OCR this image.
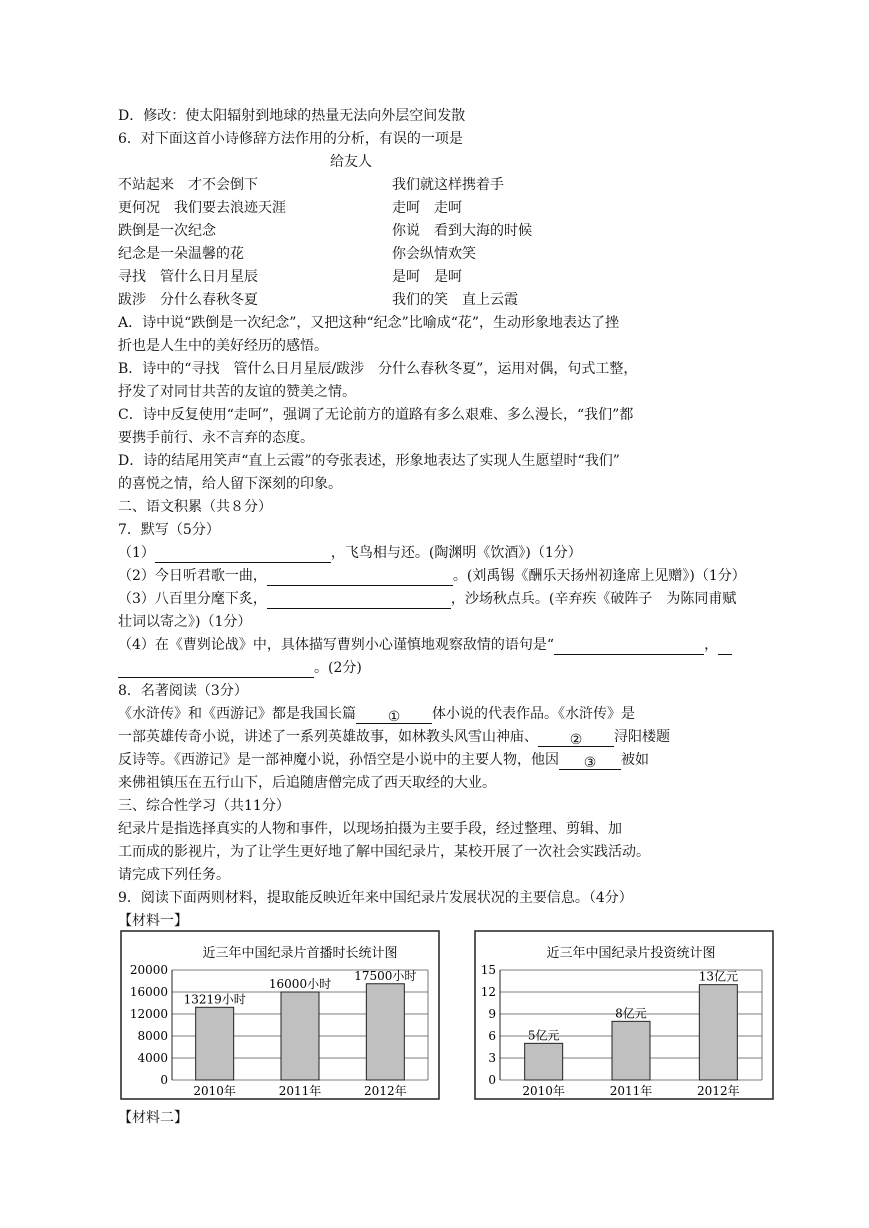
D．修改：使太阳辐射到地球的热量无法向外层空间发散
6．对下面这首小诗修辞方法作用的分析，有误的一项是
给友人
不站起来　才不会倒下
更何况　我们要去浪迹天涯
跌倒是一次纪念
纪念是一朵温馨的花
寻找　管什么日月星辰
跋涉　分什么春秋冬夏
我们就这样携着手
走呵　走呵
你说　看到大海的时候
你会纵情欢笑
是呵　是呵
我们的笑　直上云霞
A．诗中说“跌倒是一次纪念”，又把这种“纪念”比喻成“花”，生动形象地表达了挫
折也是人生中的美好经历的感悟。
B．诗中的“寻找　管什么日月星辰/跋涉　分什么春秋冬夏”，运用对偶，句式工整，
抒发了对同甘共苦的友谊的赞美之情。
C．诗中反复使用“走呵”，强调了无论前方的道路有多么艰难、多么漫长，“我们”都
要携手前行、永不言弃的态度。
D．诗的结尾用笑声“直上云霞”的夸张表述，形象地表达了实现人生愿望时“我们”
的喜悦之情，给人留下深刻的印象。
二、语文积累（共８分）
7．默写（5分）
（1）	，飞鸟相与还。(陶渊明《饮酒》)（1分）
（2）今日听君歌一曲，	。(刘禹锡《酬乐天扬州初逢席上见赠》)（1分）
（3）八百里分麾下炙，	，沙场秋点兵。(辛弃疾《破阵子　为陈同甫赋
壮词以寄之》)（1分）
（4）在《曹刿论战》中，具体描写曹刿小心谨慎地观察敌情的语句是“	，
。(2分)
8．名著阅读（3分）
《水浒传》和《西游记》都是我国长篇 ① 体小说的代表作品。《水浒传》是
一部英雄传奇小说，讲述了一系列英雄故事，如林教头风雪山神庙、 ② 浔阳楼题
反诗等。《西游记》是一部神魔小说，孙悟空是小说中的主要人物，他因 ③ 被如
来佛祖镇压在五行山下，后追随唐僧完成了西天取经的大业。
三、综合性学习（共11分）
纪录片是指选择真实的人物和事件，以现场拍摄为主要手段，经过整理、剪辑、加
工而成的影视片，为了让学生更好地了解中国纪录片，某校开展了一次社会实践活动。
请完成下列任务。
9．阅读下面两则材料，提取能反映近年来中国纪录片发展状况的主要信息。（4分）
【材料一】
近三年中国纪录片首播时长统计图
0
4000
8000
12000
16000
20000
13219小时
2010年
16000小时
2011年
17500小时
2012年
近三年中国纪录片投资统计图
0
3
6
9
12
15
5亿元
2010年
8亿元
2011年
13亿元
2012年
【材料二】
